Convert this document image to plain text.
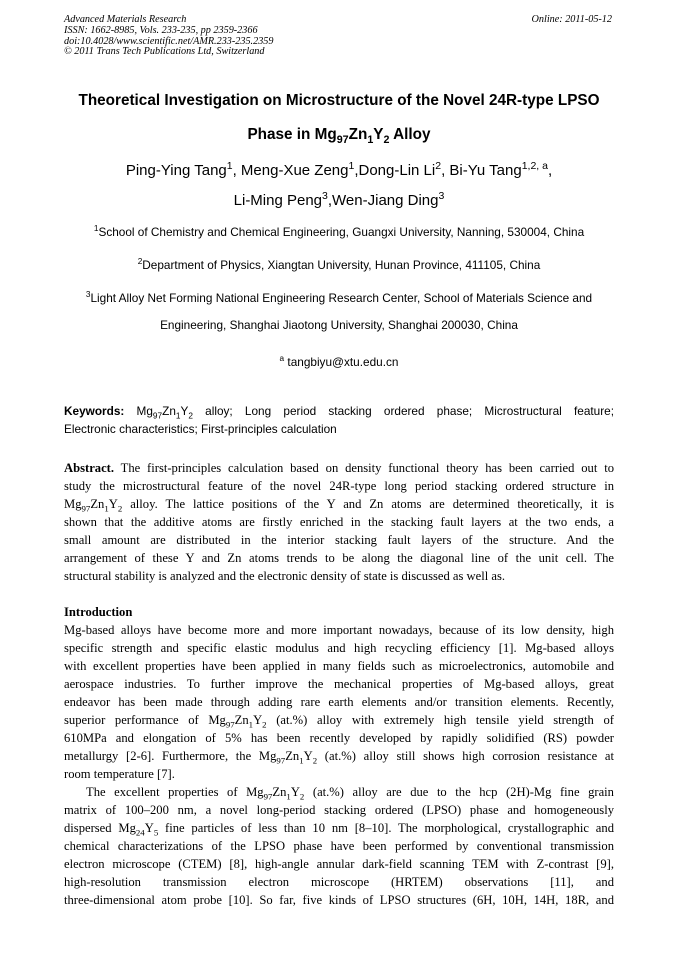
Advanced Materials Research
ISSN: 1662-8985, Vols. 233-235, pp 2359-2366
doi:10.4028/www.scientific.net/AMR.233-235.2359
© 2011 Trans Tech Publications Ltd, Switzerland
Online: 2011-05-12
Theoretical Investigation on Microstructure of the Novel 24R-type LPSO
Phase in $Mg_{97}Zn_1Y_2$ Alloy
Ping-Ying Tang$^1$, Meng-Xue Zeng$^1$,Dong-Lin Li$^2$, Bi-Yu Tang$^{1,2, a}$,
Li-Ming Peng$^3$,Wen-Jiang Ding$^3$
$^1$School of Chemistry and Chemical Engineering, Guangxi University, Nanning, 530004, China
$^2$Department of Physics, Xiangtan University, Hunan Province, 411105, China
$^3$Light Alloy Net Forming National Engineering Research Center, School of Materials Science and
Engineering, Shanghai Jiaotong University, Shanghai 200030, China
$^a$ tangbiyu@xtu.edu.cn
Keywords: $Mg_{97}Zn_1Y_2$ alloy; Long period stacking ordered phase; Microstructural feature;
Electronic characteristics; First-principles calculation

Abstract. The first-principles calculation based on density functional theory has been carried out to

study the microstructural feature of the novel 24R-type long period stacking ordered structure in

$Mg_{97}Zn_1Y_2$ alloy. The lattice positions of the Y and Zn atoms are determined theoretically, it is

shown that the additive atoms are firstly enriched in the stacking fault layers at the two ends, a

small amount are distributed in the interior stacking fault layers of the structure. And the

arrangement of these Y and Zn atoms trends to be along the diagonal line of the unit cell. The

structural stability is analyzed and the electronic density of state is discussed as well as.

Introduction

Mg-based alloys have become more and more important nowadays, because of its low density, high

specific strength and specific elastic modulus and high recycling efficiency [1]. Mg-based alloys

with excellent properties have been applied in many fields such as microelectronics, automobile and

aerospace industries. To further improve the mechanical properties of Mg-based alloys, great

endeavor has been made through adding rare earth elements and/or transition elements. Recently,

superior performance of $Mg_{97}Zn_1Y_2$ (at.%) alloy with extremely high tensile yield strength of

610MPa and elongation of 5% has been recently developed by rapidly solidified (RS) powder

metallurgy [2-6]. Furthermore, the $Mg_{97}Zn_1Y_2$ (at.%) alloy still shows high corrosion resistance at

room temperature [7].

The excellent properties of $Mg_{97}Zn_1Y_2$ (at.%) alloy are due to the hcp (2H)-Mg fine grain

matrix of 100–200 nm, a novel long-period stacking ordered (LPSO) phase and homogeneously

dispersed $Mg_{24}Y_5$ fine particles of less than 10 nm [8–10]. The morphological, crystallographic and

chemical characterizations of the LPSO phase have been performed by conventional transmission

electron microscope (CTEM) [8], high-angle annular dark-field scanning TEM with Z-contrast [9],

high-resolution transmission electron microscope (HRTEM) observations [11], and

three-dimensional atom probe [10]. So far, five kinds of LPSO structures (6H, 10H, 14H, 18R, and
